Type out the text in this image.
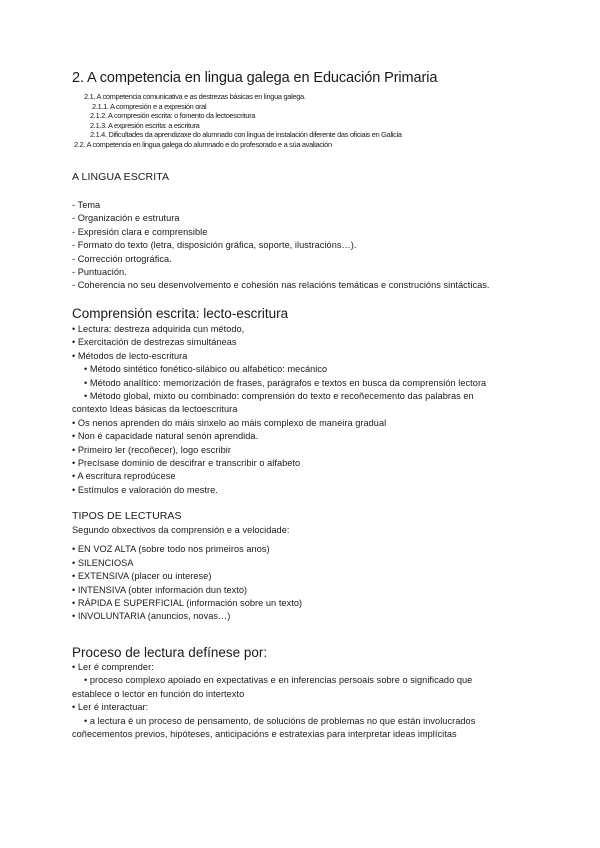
2. A competencia en lingua galega en Educación Primaria
2.1. A competencia comunicativa e as destrezas básicas en lingua galega.
2.1.1. A compresión e a expresión oral
2.1.2. A compresión escrita: o fomento da lectoescritura
2.1.3. A expresión escrita: a escritura
2.1.4. Dificultades da aprendizaxe do alumnado con lingua de instalación diferente das oficiais en Galicia
2.2. A competencia en lingua galega do alumnado e do profesorado e a súa avaliación
A LINGUA ESCRITA
- Tema
- Organización e estrutura
- Expresión clara e comprensible
- Formato do texto (letra, disposición gráfica, soporte, ilustracións…).
- Corrección ortográfica.
- Puntuación.
- Coherencia no seu desenvolvemento e cohesión nas relacións temáticas e construcións sintácticas.
Comprensión escrita: lecto-escritura
• Lectura: destreza adquirida cun método,
• Exercitación de destrezas simultáneas
• Métodos de lecto-escritura
• Método sintético fonético-silábico ou alfabético: mecánico
• Método analítico: memorización de frases, parágrafos e textos en busca da comprensión lectora
• Método global, mixto ou combinado: comprensión do texto e recoñecemento das palabras en
contexto Ideas básicas da lectoescritura
• Os nenos aprenden do máis sinxelo ao máis complexo de maneira gradual
• Non é capacidade natural senón aprendida.
• Primeiro ler (recoñecer), logo escribir
• Precísase dominio de descifrar e transcribir o alfabeto
• A escritura reprodúcese
• Estímulos e valoración do mestre.
TIPOS DE LECTURAS
Segundo obxectivos da comprensión e a velocidade:
• EN VOZ ALTA (sobre todo nos primeiros anos)
• SILENCIOSA
• EXTENSIVA (placer ou interese)
• INTENSIVA (obter información dun texto)
• RÁPIDA E SUPERFICIAL (información sobre un texto)
• INVOLUNTARIA (anuncios, novas…)
Proceso de lectura defínese por:
• Ler é comprender:
• proceso complexo apoiado en expectativas e en inferencias persoais sobre o significado que
establece o lector en función do intertexto
• Ler é interactuar:
• a lectura é un proceso de pensamento, de solucións de problemas no que están involucrados
coñecementos previos, hipóteses, anticipacións e estratexias para interpretar ideas implícitas
